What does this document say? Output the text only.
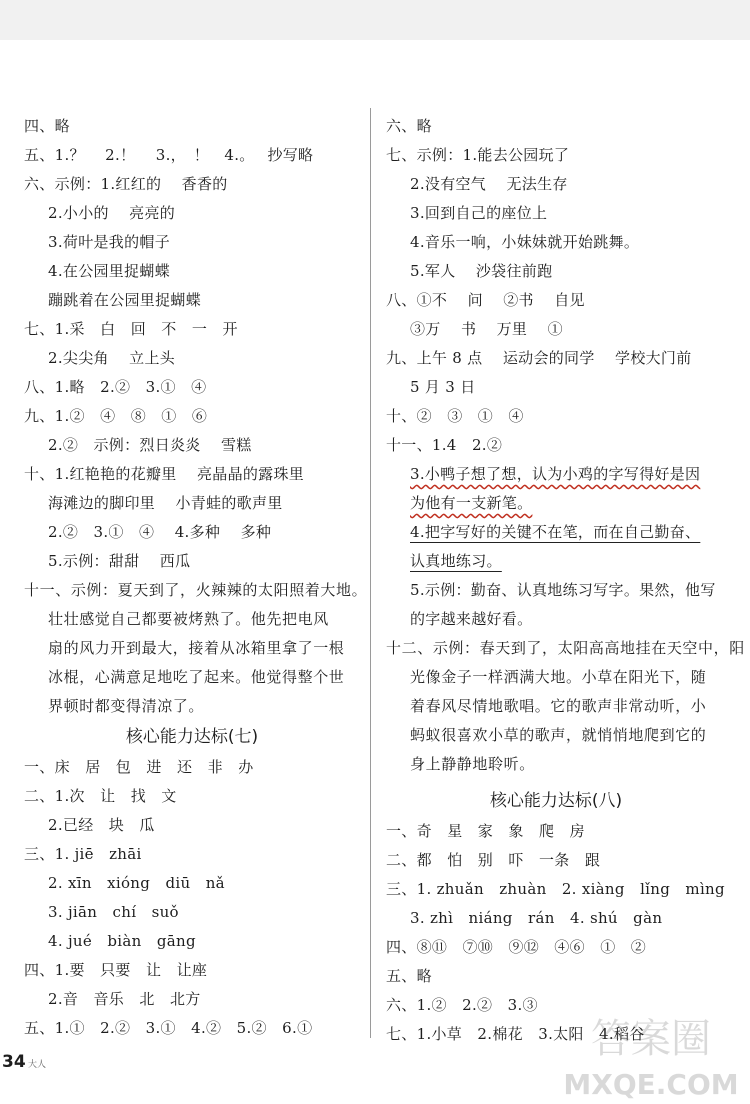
四、略
五、1.？　 2.！　 3.，　！　4.。　 抄写略
六、示例：1.红红的　 香香的
2.小小的　 亮亮的
3.荷叶是我的帽子
4.在公园里捉蝴蝶
蹦跳着在公园里捉蝴蝶
七、1.采　白　回　不　一　开
2.尖尖角　 立上头
八、1.略　2.②　3.①　④
九、1.②　④　⑧　①　⑥
2.②　示例：烈日炎炎　 雪糕
十、1.红艳艳的花瓣里　 亮晶晶的露珠里
海滩边的脚印里　 小青蛙的歌声里
2.②　3.①　④　 4.多种　 多种
5.示例：甜甜　 西瓜
十一、示例：夏天到了，火辣辣的太阳照着大地。
壮壮感觉自己都要被烤熟了。他先把电风
扇的风力开到最大，接着从冰箱里拿了一根
冰棍，心满意足地吃了起来。他觉得整个世
界顿时都变得清凉了。
核心能力达标(七)
一、床　居　包　进　还　非　办
二、1.次　让　找　文
2.已经　块　瓜
三、1. jiē　zhāi
2. xīn　xióng　diū　nǎ
3. jiān　chí　suǒ
4. jué　biàn　gāng
四、1.要　只要　让　让座
2.音　音乐　北　北方
五、1.①　2.②　3.①　4.②　5.②　6.①
六、略
七、示例：1.能去公园玩了
2.没有空气　 无法生存
3.回到自己的座位上
4.音乐一响，小妹妹就开始跳舞。
5.军人　 沙袋往前跑
八、①不　 问　 ②书　 自见
③万　 书　 万里　 ①
九、上午 8 点　 运动会的同学　 学校大门前
5 月 3 日
十、②　③　①　④
十一、1.4　2.②
3.小鸭子想了想，认为小鸡的字写得好是因
为他有一支新笔。
4.把字写好的关键不在笔，而在自己勤奋、
认真地练习。
5.示例：勤奋、认真地练习写字。果然，他写
的字越来越好看。
十二、示例：春天到了，太阳高高地挂在天空中，阳
光像金子一样洒满大地。小草在阳光下，随
着春风尽情地歌唱。它的歌声非常动听，小
蚂蚁很喜欢小草的歌声，就悄悄地爬到它的
身上静静地聆听。
核心能力达标(八)
一、奇　星　家　象　爬　房
二、都　怕　别　吓　一条　跟
三、1. zhuǎn　zhuàn　2. xiàng　lǐng　mìng
3. zhì　niáng　rán　4. shú　gàn
四、⑧⑪　⑦⑩　⑨⑫　④⑥　①　②
五、略
六、1.②　2.②　3.③
七、1.小草　2.棉花　3.太阳　4.稻谷
34 大人
答案圈
MXQE.COM
